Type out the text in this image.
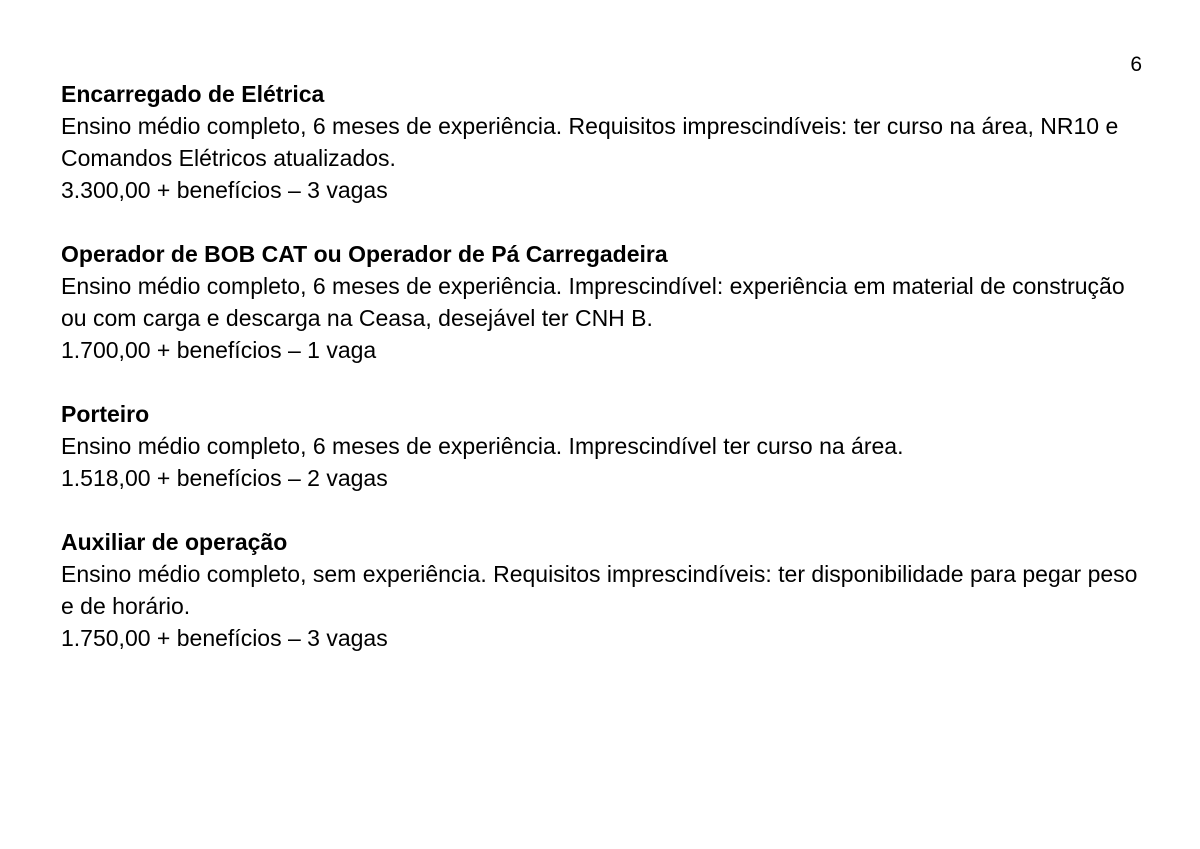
6
Encarregado de Elétrica
Ensino médio completo, 6 meses de experiência. Requisitos imprescindíveis: ter curso na área, NR10 e Comandos Elétricos atualizados.
3.300,00 + benefícios – 3 vagas
Operador de BOB CAT ou Operador de Pá Carregadeira
Ensino médio completo, 6 meses de experiência. Imprescindível: experiência em material de construção ou com carga e descarga na Ceasa, desejável ter CNH B.
1.700,00 + benefícios – 1 vaga
Porteiro
Ensino médio completo, 6 meses de experiência. Imprescindível ter curso na área.
1.518,00 + benefícios – 2 vagas
Auxiliar de operação
Ensino médio completo, sem experiência. Requisitos imprescindíveis: ter disponibilidade para pegar peso e de horário.
1.750,00 + benefícios – 3 vagas
